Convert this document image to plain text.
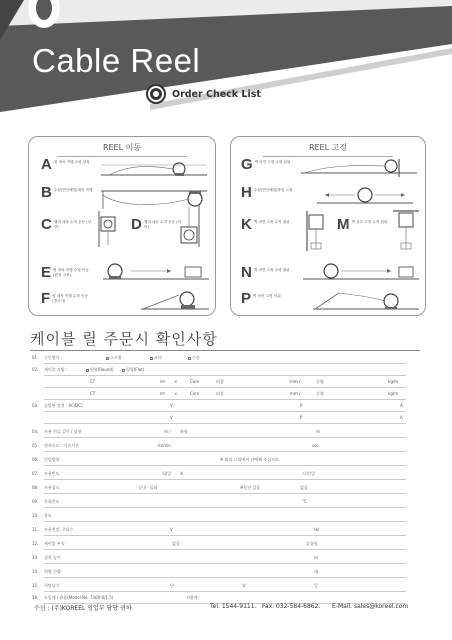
Cable Reel
Order Check List
REEL 이동
A 평 대차 직행 수평 왕복
B 수평(연선배열)대차 직행
C 행대 대차 수직 운동 (상단)	D 행대 대차 수직 운동 (하단)
E 평 대차 직행 수평 이동(원점 고정)
F 평 대차 직행 수평 이동(경사지)
REEL 고정
G 벽 차면 고정 수평 원위
H 수평(연선배열)중앙 고정
K 벽 차면 고정 수직 원위	M 벽 상부 고정 수직 원위
N 벽 차면 고정 수평 원위
P 벽 차면 고정 인위
케이블 릴 주문시 확인사항
01. 구동방식 :	스프링	모터	수동
02. 케이블 사양 :	원형(Round)	평형(Flat)
CT	m² ×	Core	외경	mm /	중량	kg/m
CT	m² ×	Core	외경	mm /	중량	kg/m
03. 승압된 정격 : AC/DC)	V	P	A
V	P	A
04. 사용 전류 길이 / 상향	m / 하향	m
05. 정격속도 : 가속시간	m/min	sec
06. 인입방향	※ 위의 그림에서 선택해 주십시오.
07. 사용빈도	회/일 ※	시간/일
08. 사용장소	실내 · 실외	※분진 있음	없음
09. 주위온도	°C
10. 용도
11. 사용전압, 주파수	V	Hz
12. 케이블 부속	없음 :	슬립링
13. 설치 높이	m
14. 희망 수량	대
15. 희망납기	년	월	일
16. 도입예 / 용품(Model No. 7300-6/1.5)	지합예 :
수신 : (주)KOREEL 영업부 담당 귀하	Tel. 1544-9111. Fax. 032-584-6862. E-Mail. sales@koreel.com
